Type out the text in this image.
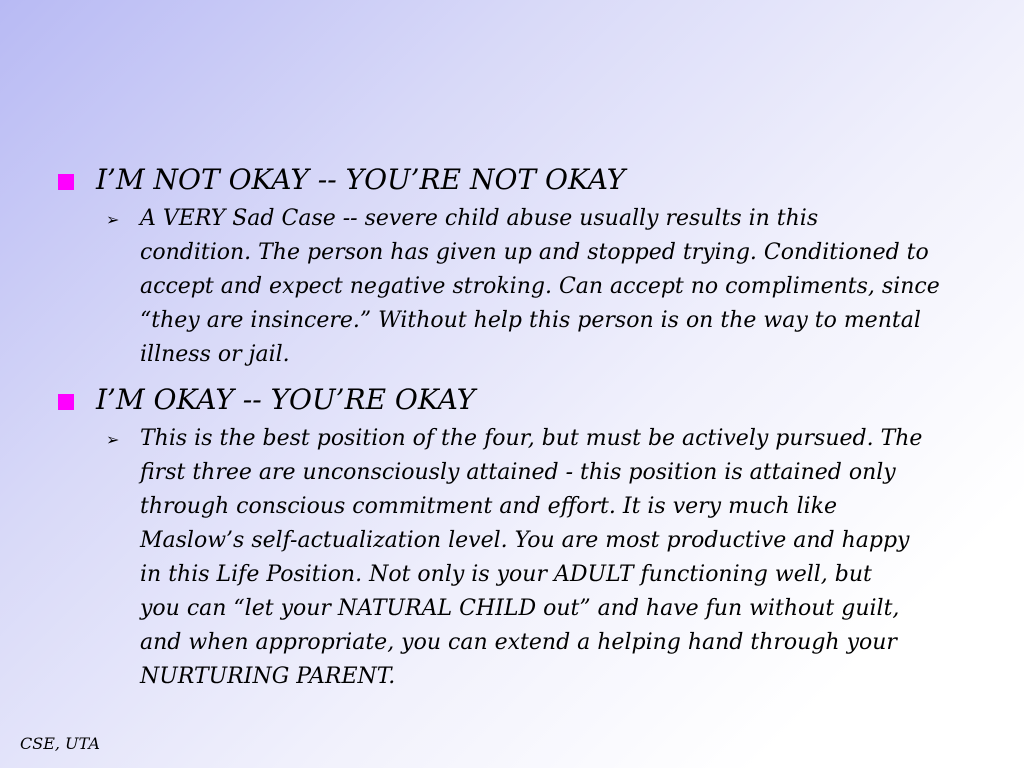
I’M NOT OKAY -- YOU’RE NOT OKAY
➢ A VERY Sad Case -- severe child abuse usually results in this
condition. The person has given up and stopped trying. Conditioned to
accept and expect negative stroking. Can accept no compliments, since
“they are insincere.” Without help this person is on the way to mental
illness or jail.
I’M OKAY -- YOU’RE OKAY
➢ This is the best position of the four, but must be actively pursued. The
first three are unconsciously attained - this position is attained only
through conscious commitment and effort. It is very much like
Maslow’s self-actualization level. You are most productive and happy
in this Life Position. Not only is your ADULT functioning well, but
you can “let your NATURAL CHILD out” and have fun without guilt,
and when appropriate, you can extend a helping hand through your
NURTURING PARENT.
CSE, UTA
